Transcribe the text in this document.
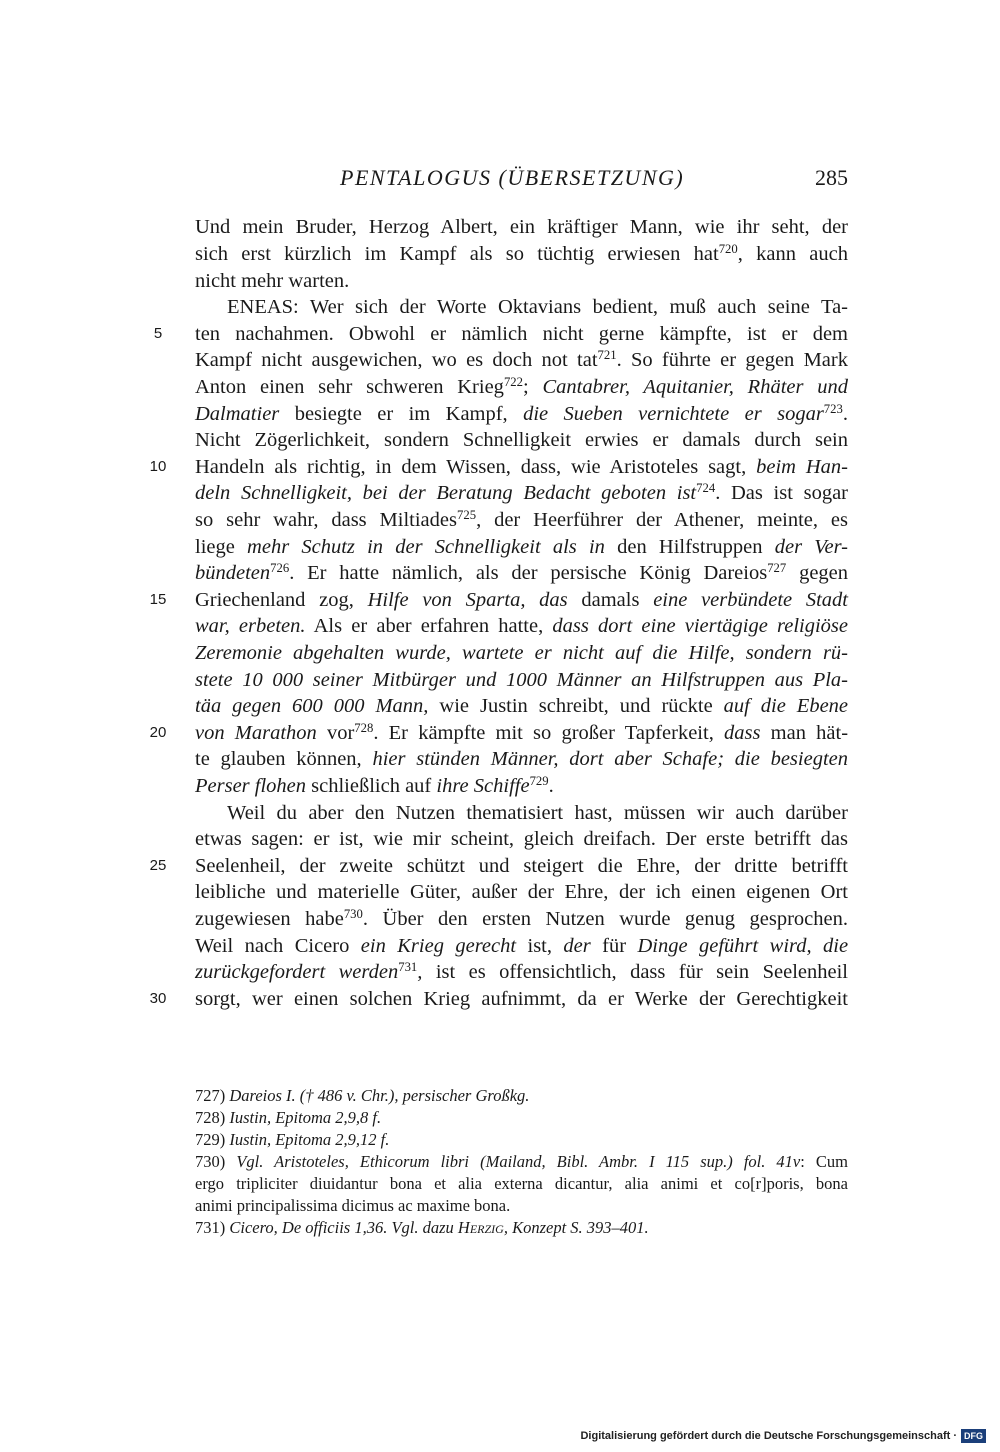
PENTALOGUS (ÜBERSETZUNG)	285
5
10
15
20
25
30
Und mein Bruder, Herzog Albert, ein kräftiger Mann, wie ihr seht, der
sich erst kürzlich im Kampf als so tüchtig erwiesen hat$^{720}$, kann auch
nicht mehr warten.
ENEAS: Wer sich der Worte Oktavians bedient, muß auch seine Ta-
ten nachahmen. Obwohl er nämlich nicht gerne kämpfte, ist er dem
Kampf nicht ausgewichen, wo es doch not tat$^{721}$. So führte er gegen Mark
Anton einen sehr schweren Krieg$^{722}$; Cantabrer, Aquitanier, Rhäter und
Dalmatier besiegte er im Kampf, die Sueben vernichtete er sogar$^{723}$.
Nicht Zögerlichkeit, sondern Schnelligkeit erwies er damals durch sein
Handeln als richtig, in dem Wissen, dass, wie Aristoteles sagt, beim Han-
deln Schnelligkeit, bei der Beratung Bedacht geboten ist$^{724}$. Das ist sogar
so sehr wahr, dass Miltiades$^{725}$, der Heerführer der Athener, meinte, es
liege mehr Schutz in der Schnelligkeit als in den Hilfstruppen der Ver-
bündeten$^{726}$. Er hatte nämlich, als der persische König Dareios$^{727}$ gegen
Griechenland zog, Hilfe von Sparta, das damals eine verbündete Stadt
war, erbeten. Als er aber erfahren hatte, dass dort eine viertägige religiöse
Zeremonie abgehalten wurde, wartete er nicht auf die Hilfe, sondern rü-
stete 10 000 seiner Mitbürger und 1000 Männer an Hilfstruppen aus Pla-
täa gegen 600 000 Mann, wie Justin schreibt, und rückte auf die Ebene
von Marathon vor$^{728}$. Er kämpfte mit so großer Tapferkeit, dass man hät-
te glauben können, hier stünden Männer, dort aber Schafe; die besiegten
Perser flohen schließlich auf ihre Schiffe$^{729}$.
Weil du aber den Nutzen thematisiert hast, müssen wir auch darüber
etwas sagen: er ist, wie mir scheint, gleich dreifach. Der erste betrifft das
Seelenheil, der zweite schützt und steigert die Ehre, der dritte betrifft
leibliche und materielle Güter, außer der Ehre, der ich einen eigenen Ort
zugewiesen habe$^{730}$. Über den ersten Nutzen wurde genug gesprochen.
Weil nach Cicero ein Krieg gerecht ist, der für Dinge geführt wird, die
zurückgefordert werden$^{731}$, ist es offensichtlich, dass für sein Seelenheil
sorgt, wer einen solchen Krieg aufnimmt, da er Werke der Gerechtigkeit
727) Dareios I. († 486 v. Chr.), persischer Großkg.
728) Iustin, Epitoma 2,9,8 f.
729) Iustin, Epitoma 2,9,12 f.
730) Vgl. Aristoteles, Ethicorum libri (Mailand, Bibl. Ambr. I 115 sup.) fol. 41v: Cum
ergo tripliciter diuidantur bona et alia externa dicantur, alia animi et co[r]poris, bona
animi principalissima dicimus ac maxime bona.
731) Cicero, De officiis 1,36. Vgl. dazu Herzig, Konzept S. 393–401.
Digitalisierung gefördert durch die Deutsche Forschungsgemeinschaft · DFG
